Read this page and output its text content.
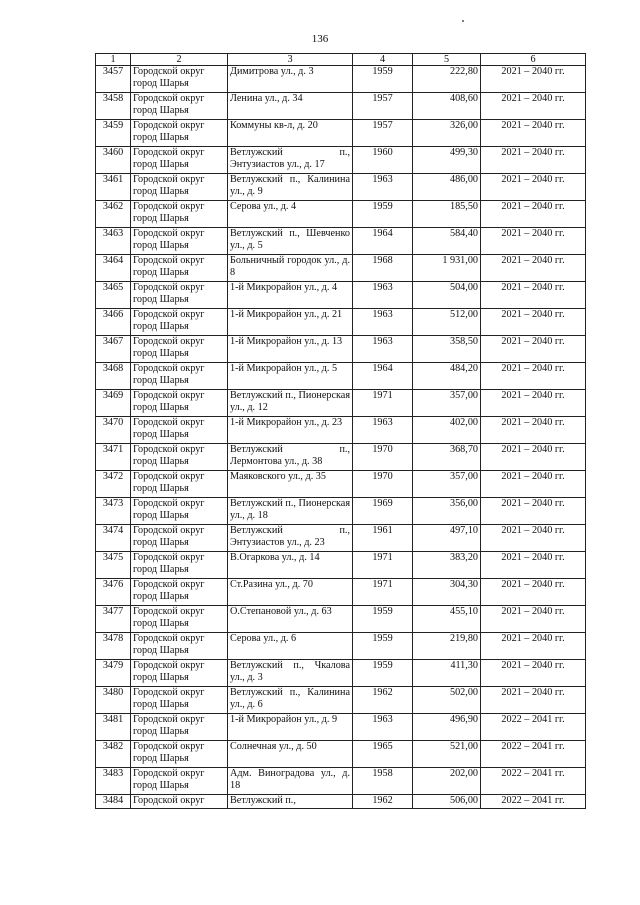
136
1	2	3	4	5	6
3457	Городской округ город Шарья	Димитрова ул., д. 3	1959	222,80	2021 – 2040 гг.
3458	Городской округ город Шарья	Ленина ул., д. 34	1957	408,60	2021 – 2040 гг.
3459	Городской округ город Шарья	Коммуны кв-л, д. 20	1957	326,00	2021 – 2040 гг.
3460	Городской округ город Шарья	Ветлужский п., Энтузиастов ул., д. 17	1960	499,30	2021 – 2040 гг.
3461	Городской округ город Шарья	Ветлужский п., Калинина ул., д. 9	1963	486,00	2021 – 2040 гг.
3462	Городской округ город Шарья	Серова ул., д. 4	1959	185,50	2021 – 2040 гг.
3463	Городской округ город Шарья	Ветлужский п., Шевченко ул., д. 5	1964	584,40	2021 – 2040 гг.
3464	Городской округ город Шарья	Больничный городок ул., д. 8	1968	1 931,00	2021 – 2040 гг.
3465	Городской округ город Шарья	1-й Микрорайон ул., д. 4	1963	504,00	2021 – 2040 гг.
3466	Городской округ город Шарья	1-й Микрорайон ул., д. 21	1963	512,00	2021 – 2040 гг.
3467	Городской округ город Шарья	1-й Микрорайон ул., д. 13	1963	358,50	2021 – 2040 гг.
3468	Городской округ город Шарья	1-й Микрорайон ул., д. 5	1964	484,20	2021 – 2040 гг.
3469	Городской округ город Шарья	Ветлужский п., Пионерская ул., д. 12	1971	357,00	2021 – 2040 гг.
3470	Городской округ город Шарья	1-й Микрорайон ул., д. 23	1963	402,00	2021 – 2040 гг.
3471	Городской округ город Шарья	Ветлужский п., Лермонтова ул., д. 38	1970	368,70	2021 – 2040 гг.
3472	Городской округ город Шарья	Маяковского ул., д. 35	1970	357,00	2021 – 2040 гг.
3473	Городской округ город Шарья	Ветлужский п., Пионерская ул., д. 18	1969	356,00	2021 – 2040 гг.
3474	Городской округ город Шарья	Ветлужский п., Энтузиастов ул., д. 23	1961	497,10	2021 – 2040 гг.
3475	Городской округ город Шарья	В.Огаркова ул., д. 14	1971	383,20	2021 – 2040 гг.
3476	Городской округ город Шарья	Ст.Разина ул., д. 70	1971	304,30	2021 – 2040 гг.
3477	Городской округ город Шарья	О.Степановой ул., д. 63	1959	455,10	2021 – 2040 гг.
3478	Городской округ город Шарья	Серова ул., д. 6	1959	219,80	2021 – 2040 гг.
3479	Городской округ город Шарья	Ветлужский п., Чкалова ул., д. 3	1959	411,30	2021 – 2040 гг.
3480	Городской округ город Шарья	Ветлужский п., Калинина ул., д. 6	1962	502,00	2021 – 2040 гг.
3481	Городской округ город Шарья	1-й Микрорайон ул., д. 9	1963	496,90	2022 – 2041 гг.
3482	Городской округ город Шарья	Солнечная ул., д. 50	1965	521,00	2022 – 2041 гг.
3483	Городской округ город Шарья	Адм. Виноградова ул., д. 18	1958	202,00	2022 – 2041 гг.
3484	Городской округ	Ветлужский п.,	1962	506,00	2022 – 2041 гг.
